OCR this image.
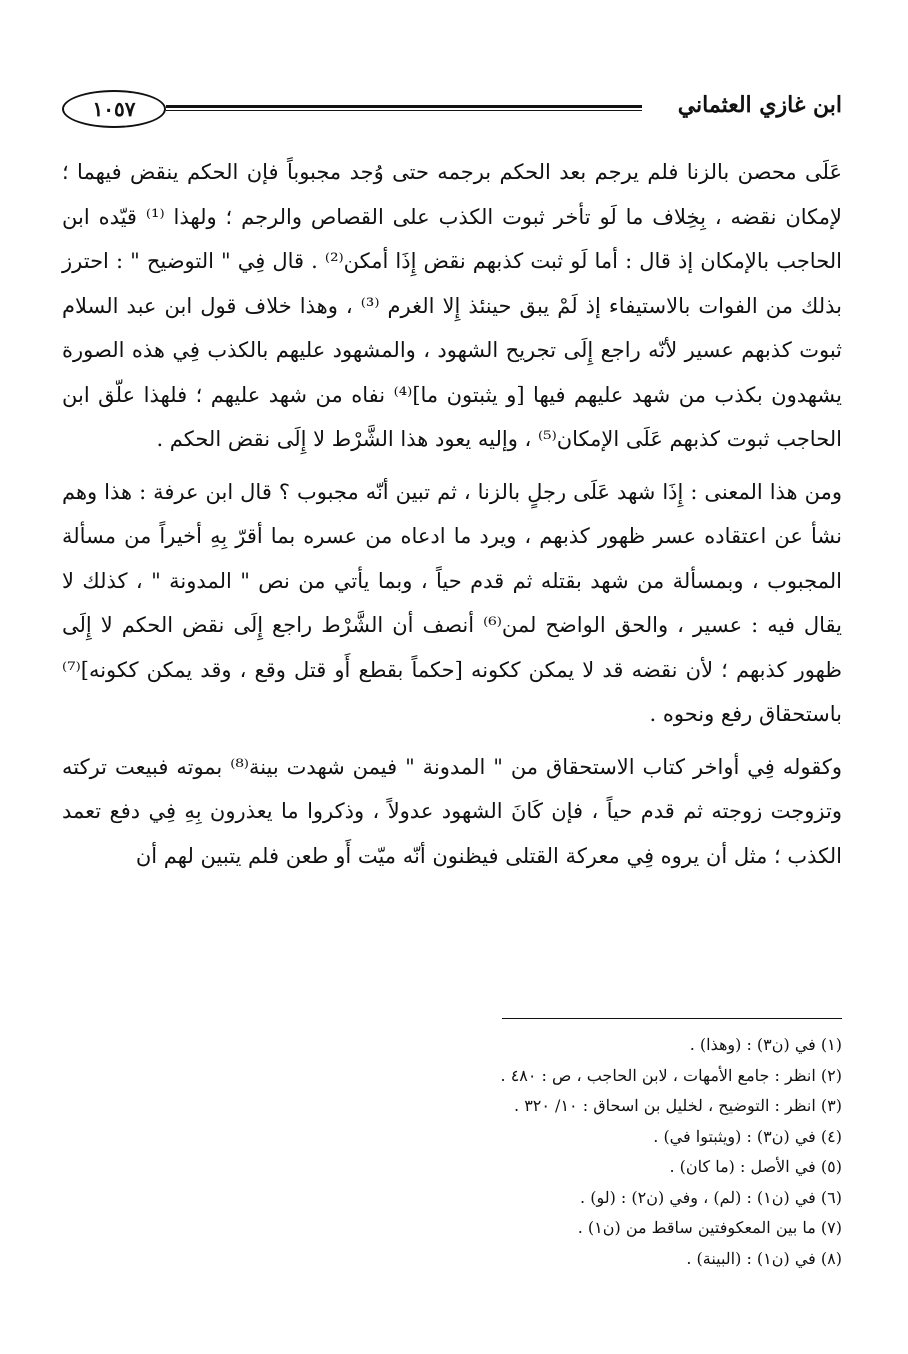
١٠٥٧	ابن غازي العثماني

عَلَى محصن بالزنا فلم يرجم بعد الحكم برجمه حتى وُجد مجبوباً فإن الحكم ينقض فيهما ؛ لإمكان نقضه ، بِخِلاف ما لَو تأخر ثبوت الكذب على القصاص والرجم ؛ ولهذا ⁽¹⁾ قيّده ابن الحاجب بالإمكان إذ قال : أما لَو ثبت كذبهم نقض إِذَا أمكن⁽²⁾ . قال فِي " التوضيح " : احترز بذلك من الفوات بالاستيفاء إذ لَمْ يبق حينئذ إِلا الغرم ⁽³⁾ ، وهذا خلاف قول ابن عبد السلام ثبوت كذبهم عسير لأنّه راجع إِلَى تجريح الشهود ، والمشهود عليهم بالكذب فِي هذه الصورة يشهدون بكذب من شهد عليهم فيها [و يثبتون ما]⁽⁴⁾ نفاه من شهد عليهم ؛ فلهذا علّق ابن الحاجب ثبوت كذبهم عَلَى الإمكان⁽⁵⁾ ، وإليه يعود هذا الشَّرْط لا إِلَى نقض الحكم .

ومن هذا المعنى : إِذَا شهد عَلَى رجلٍ بالزنا ، ثم تبين أنّه مجبوب ؟ قال ابن عرفة : هذا وهم نشأ عن اعتقاده عسر ظهور كذبهم ، ويرد ما ادعاه من عسره بما أقرّ بِهِ أخيراً من مسألة المجبوب ، وبمسألة من شهد بقتله ثم قدم حياً ، وبما يأتي من نص " المدونة " ، كذلك لا يقال فيه : عسير ، والحق الواضح لمن⁽⁶⁾ أنصف أن الشَّرْط راجع إِلَى نقض الحكم لا إِلَى ظهور كذبهم ؛ لأن نقضه قد لا يمكن ككونه [حكماً بقطع أَو قتل وقع ، وقد يمكن ككونه]⁽⁷⁾ باستحقاق رفع ونحوه .

وكقوله فِي أواخر كتاب الاستحقاق من " المدونة " فيمن شهدت بينة⁽⁸⁾ بموته فبيعت تركته وتزوجت زوجته ثم قدم حياً ، فإن كَانَ الشهود عدولاً ، وذكروا ما يعذرون بِهِ فِي دفع تعمد الكذب ؛ مثل أن يروه فِي معركة القتلى فيظنون أنّه ميّت أَو طعن فلم يتبين لهم أن

(١) في (ن٣) : (وهذا) .
(٢) انظر : جامع الأمهات ، لابن الحاجب ، ص : ٤٨٠ .
(٣) انظر : التوضيح ، لخليل بن اسحاق : ١٠/ ٣٢٠ .
(٤) في (ن٣) : (ويثبتوا في) .
(٥) في الأصل : (ما كان) .
(٦) في (ن١) : (لم) ، وفي (ن٢) : (لو) .
(٧) ما بين المعكوفتين ساقط من (ن١) .
(٨) في (ن١) : (البينة) .
